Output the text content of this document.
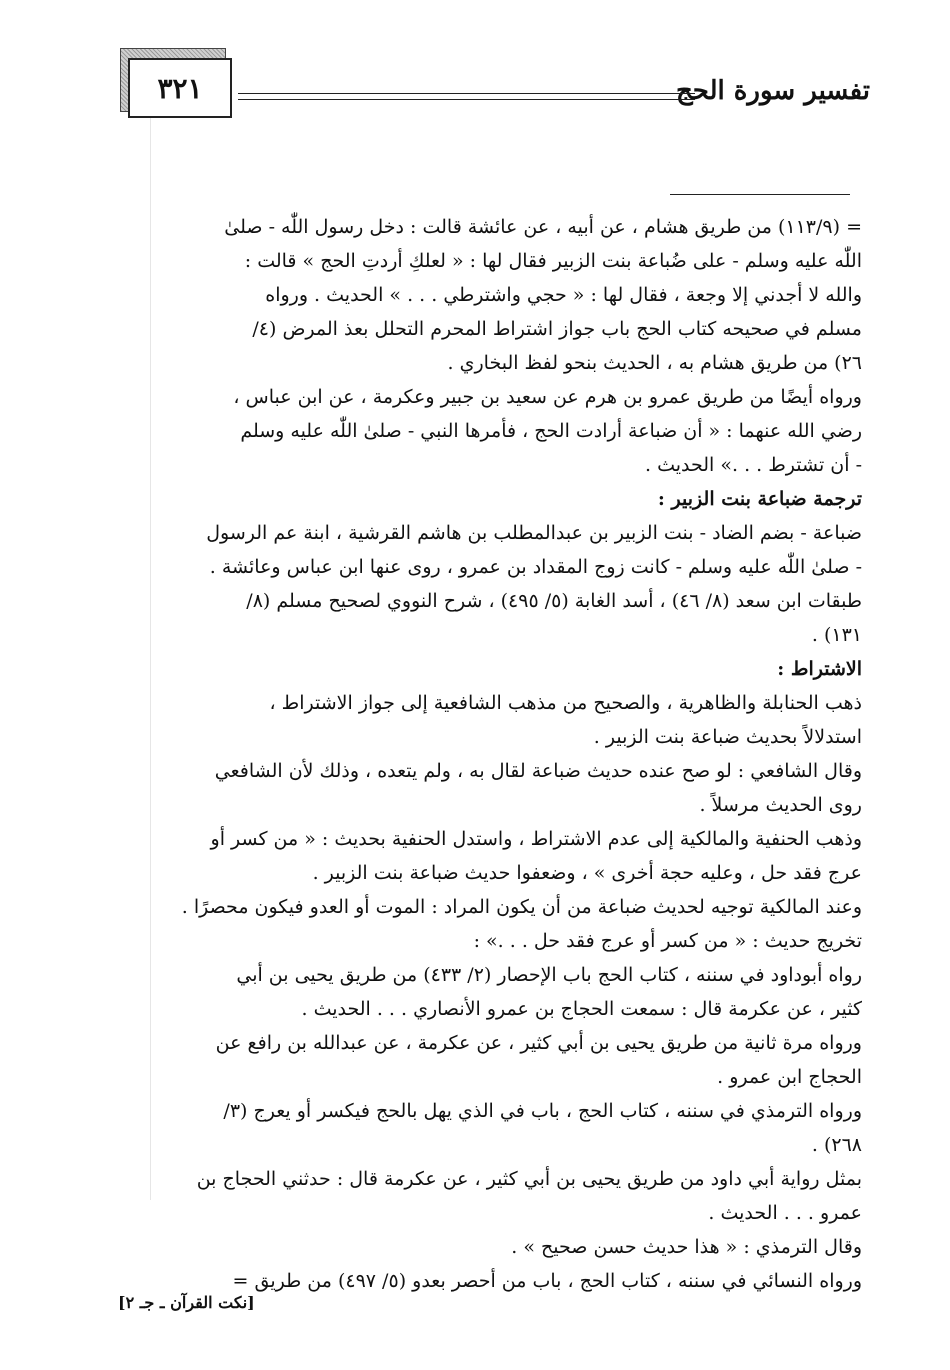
تفسير سورة الحج
٣٢١
= (١١٣/٩) من طريق هشام ، عن أبيه ، عن عائشة قالت : دخل رسول اللّٰه - صلىٰ
اللّٰه عليه وسلم - على ضُباعة بنت الزبير فقال لها : « لعلكِ أردتِ الحج » قالت :
والله لا أجدني إلا وجعة ، فقال لها : « حجي واشترطي . . . » الحديث . ورواه
مسلم في صحيحه كتاب الحج باب جواز اشتراط المحرم التحلل بعذ المرض (٤/
٢٦) من طريق هشام به ، الحديث بنحو لفظ البخاري .
ورواه أيضًا من طريق عمرو بن هرم عن سعيد بن جبير وعكرمة ، عن ابن عباس ،
رضي الله عنهما : « أن ضباعة أرادت الحج ، فأمرها النبي - صلىٰ اللّٰه عليه وسلم
- أن تشترط . . .» الحديث .
ترجمة ضباعة بنت الزبير :
ضباعة - بضم الضاد - بنت الزبير بن عبدالمطلب بن هاشم القرشية ، ابنة عم الرسول
- صلىٰ اللّٰه عليه وسلم - كانت زوج المقداد بن عمرو ، روى عنها ابن عباس وعائشة .
طبقات ابن سعد (٨/ ٤٦) ، أسد الغابة (٥/ ٤٩٥) ، شرح النووي لصحيح مسلم (٨/
١٣١) .
الاشتراط :
ذهب الحنابلة والظاهرية ، والصحيح من مذهب الشافعية إلى جواز الاشتراط ،
استدلالاً بحديث ضباعة بنت الزبير .
وقال الشافعي : لو صح عنده حديث ضباعة لقال به ، ولم يتعده ، وذلك لأن الشافعي
روى الحديث مرسلاً .
وذهب الحنفية والمالكية إلى عدم الاشتراط ، واستدل الحنفية بحديث : « من كسر أو
عرج فقد حل ، وعليه حجة أخرى » ، وضعفوا حديث ضباعة بنت الزبير .
وعند المالكية توجيه لحديث ضباعة من أن يكون المراد : الموت أو العدو فيكون محصرًا .
تخريج حديث : « من كسر أو عرج فقد حل . . .» :
رواه أبوداود في سننه ، كتاب الحج باب الإحصار (٢/ ٤٣٣) من طريق يحيى بن أبي
كثير ، عن عكرمة قال : سمعت الحجاج بن عمرو الأنصاري . . . الحديث .
ورواه مرة ثانية من طريق يحيى بن أبي كثير ، عن عكرمة ، عن عبدالله بن رافع عن
الحجاج ابن عمرو .
ورواه الترمذي في سننه ، كتاب الحج ، باب في الذي يهل بالحج فيكسر أو يعرج (٣/
٢٦٨) .
بمثل رواية أبي داود من طريق يحيى بن أبي كثير ، عن عكرمة قال : حدثني الحجاج بن
عمرو . . . الحديث .
وقال الترمذي : « هذا حديث حسن صحيح » .
ورواه النسائي في سننه ، كتاب الحج ، باب من أحصر بعدو (٥/ ٤٩٧) من طريق =
[نكت القرآن ـ جـ ٢]
